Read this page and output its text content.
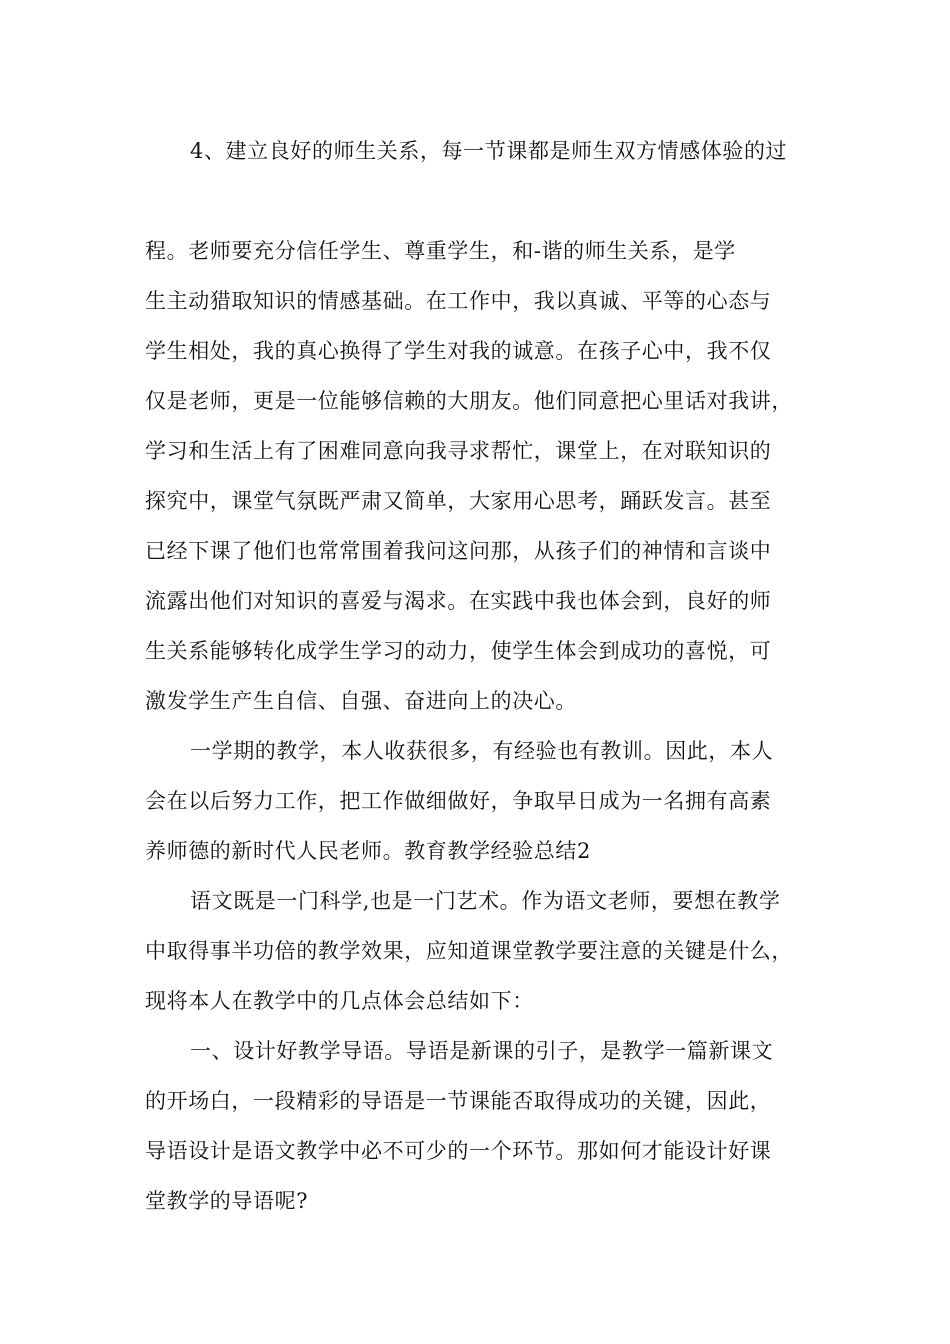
4、建立良好的师生关系，每一节课都是师生双方情感体验的过
程。老师要充分信任学生、尊重学生，和-谐的师生关系，是学
生主动猎取知识的情感基础。在工作中，我以真诚、平等的心态与
学生相处，我的真心换得了学生对我的诚意。在孩子心中，我不仅
仅是老师，更是一位能够信赖的大朋友。他们同意把心里话对我讲，
学习和生活上有了困难同意向我寻求帮忙，课堂上，在对联知识的
探究中，课堂气氛既严肃又简单，大家用心思考，踊跃发言。甚至
已经下课了他们也常常围着我问这问那，从孩子们的神情和言谈中
流露出他们对知识的喜爱与渴求。在实践中我也体会到，良好的师
生关系能够转化成学生学习的动力，使学生体会到成功的喜悦，可
激发学生产生自信、自强、奋进向上的决心。
一学期的教学，本人收获很多，有经验也有教训。因此，本人
会在以后努力工作，把工作做细做好，争取早日成为一名拥有高素
养师德的新时代人民老师。教育教学经验总结2
语文既是一门科学,也是一门艺术。作为语文老师，要想在教学
中取得事半功倍的教学效果，应知道课堂教学要注意的关键是什么，
现将本人在教学中的几点体会总结如下：
一、设计好教学导语。导语是新课的引子，是教学一篇新课文
的开场白，一段精彩的导语是一节课能否取得成功的关键，因此，
导语设计是语文教学中必不可少的一个环节。那如何才能设计好课
堂教学的导语呢?
